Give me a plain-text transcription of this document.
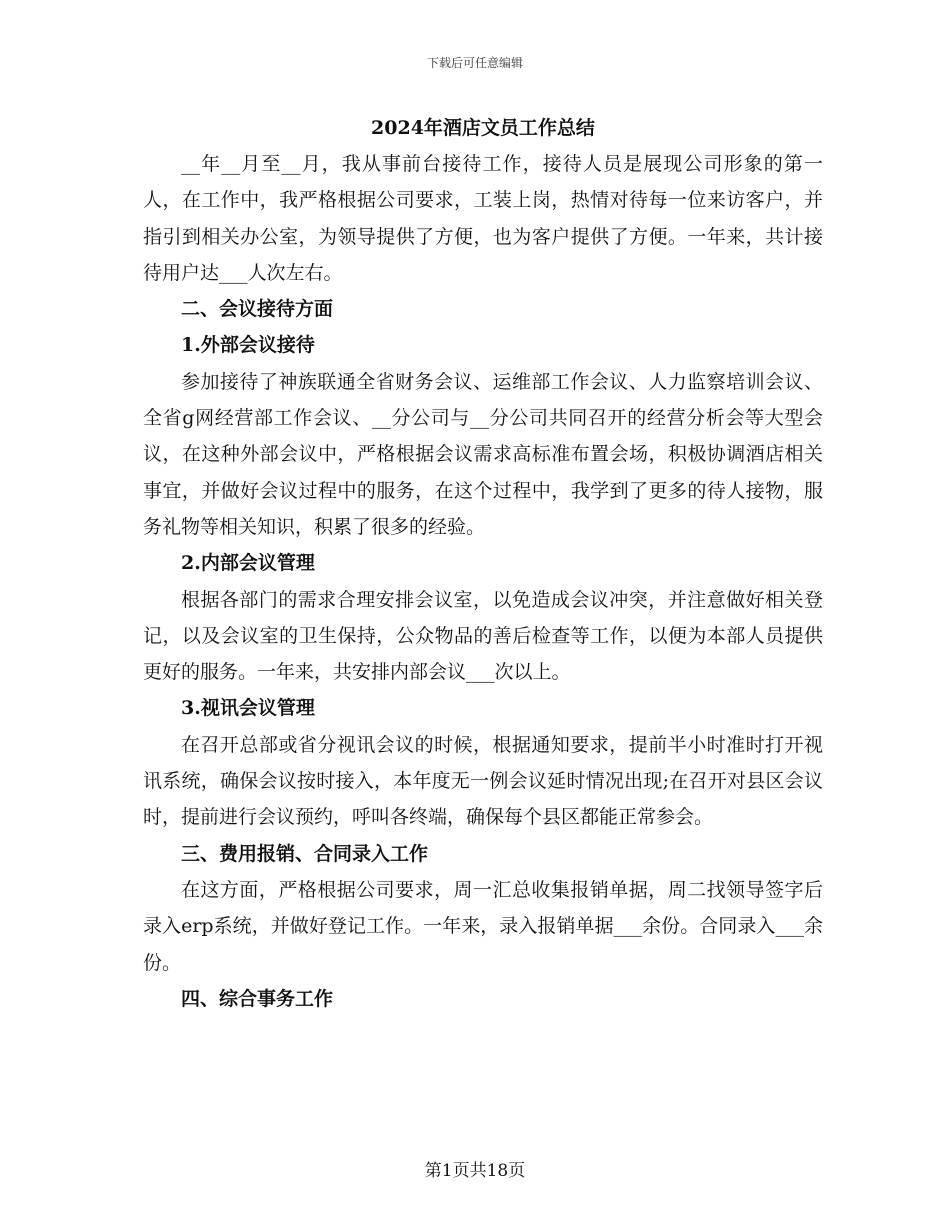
下载后可任意编辑
2024年酒店文员工作总结

__年__月至__月，我从事前台接待工作，接待人员是展现公司形象的第一人，在工作中，我严格根据公司要求，工装上岗，热情对待每一位来访客户，并指引到相关办公室，为领导提供了方便，也为客户提供了方便。一年来，共计接待用户达___人次左右。

二、会议接待方面

1.外部会议接待

参加接待了神族联通全省财务会议、运维部工作会议、人力监察培训会议、全省g网经营部工作会议、__分公司与__分公司共同召开的经营分析会等大型会议，在这种外部会议中，严格根据会议需求高标准布置会场，积极协调酒店相关事宜，并做好会议过程中的服务，在这个过程中，我学到了更多的待人接物，服务礼物等相关知识，积累了很多的经验。

2.内部会议管理

根据各部门的需求合理安排会议室，以免造成会议冲突，并注意做好相关登记，以及会议室的卫生保持，公众物品的善后检查等工作，以便为本部人员提供更好的服务。一年来，共安排内部会议___次以上。

3.视讯会议管理

在召开总部或省分视讯会议的时候，根据通知要求，提前半小时准时打开视讯系统，确保会议按时接入，本年度无一例会议延时情况出现;在召开对县区会议时，提前进行会议预约，呼叫各终端，确保每个县区都能正常参会。

三、费用报销、合同录入工作

在这方面，严格根据公司要求，周一汇总收集报销单据，周二找领导签字后录入erp系统，并做好登记工作。一年来，录入报销单据___余份。合同录入___余份。

四、综合事务工作

第1页共18页
